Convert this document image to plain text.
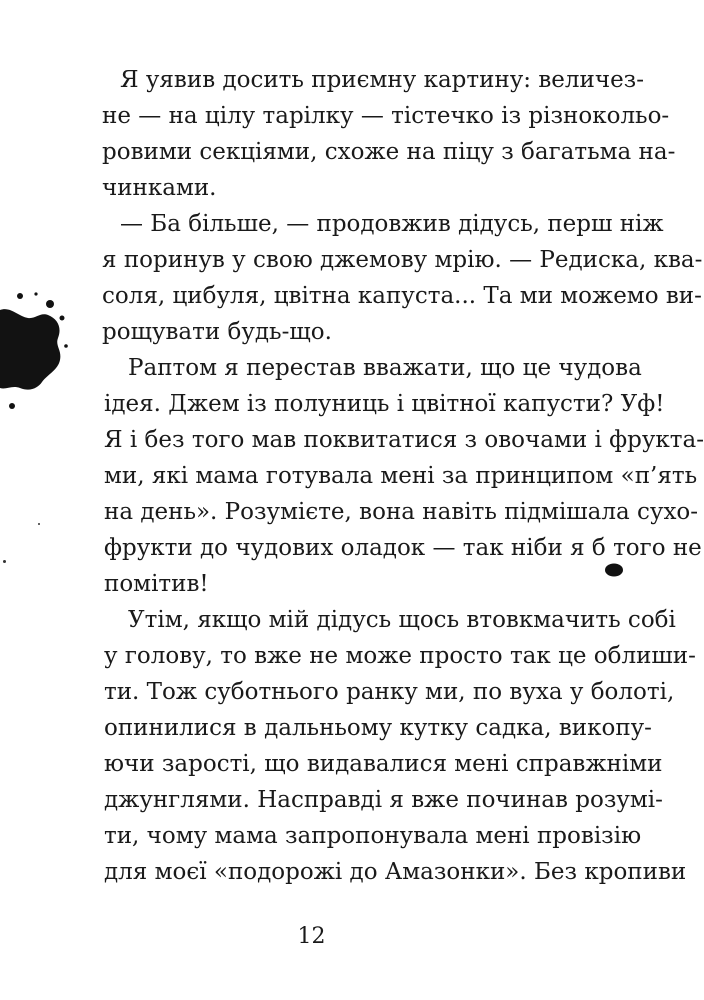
Я уявив досить приємну картину: величез-
не — на цілу тарілку — тістечко із різнокольо-
ровими секціями, схоже на піцу з багатьма на-
чинками.
— Ба більше, — продовжив дідусь, перш ніж
я поринув у свою джемову мрію. — Редиска, ква-
соля, цибуля, цвітна капуста... Та ми можемо ви-
рощувати будь-що.
Раптом я перестав вважати, що це чудова
ідея. Джем із полуниць і цвітної капусти? Уф!
Я і без того мав поквитатися з овочами і фрукта-
ми, які мама готувала мені за принципом «п’ять
на день». Розумієте, вона навіть підмішала сухо-
фрукти до чудових оладок — так ніби я б того не
помітив!
Утім, якщо мій дідусь щось втовкмачить собі
у голову, то вже не може просто так це облиши-
ти. Тож суботнього ранку ми, по вуха у болоті,
опинилися в дальньому кутку садка, викопу-
ючи зарості, що видавалися мені справжніми
джунглями. Насправді я вже починав розумі-
ти, чому мама запропонувала мені провізію
для моєї «подорожі до Амазонки». Без кропиви
12
